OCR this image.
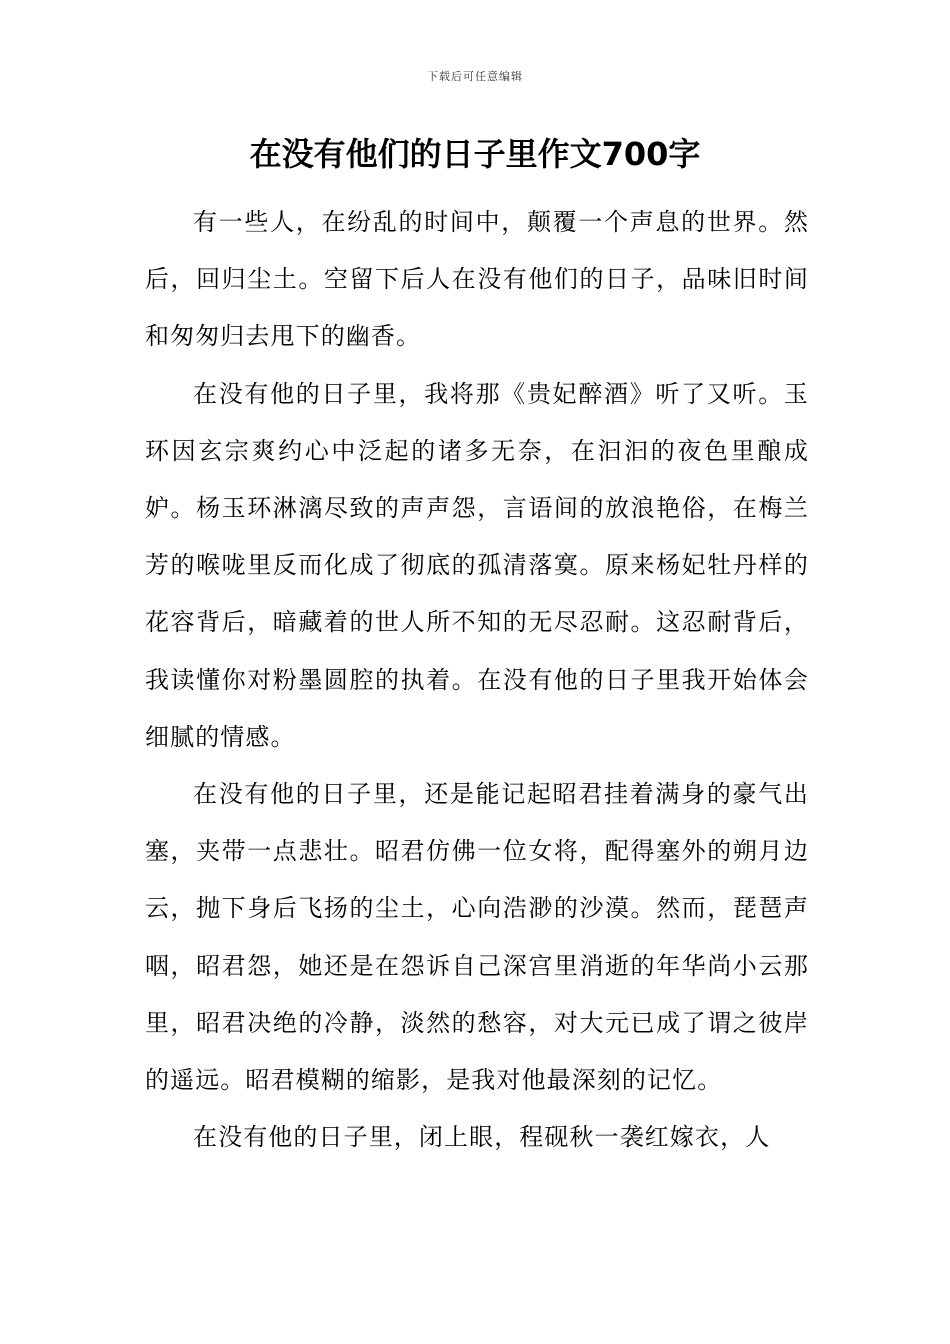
下载后可任意编辑
在没有他们的日子里作文700字

有一些人，在纷乱的时间中，颠覆一个声息的世界。然后，回归尘土。空留下后人在没有他们的日子，品味旧时间和匆匆归去甩下的幽香。

在没有他的日子里，我将那《贵妃醉酒》听了又听。玉环因玄宗爽约心中泛起的诸多无奈，在汩汩的夜色里酿成妒。杨玉环淋漓尽致的声声怨，言语间的放浪艳俗，在梅兰芳的喉咙里反而化成了彻底的孤清落寞。原来杨妃牡丹样的花容背后，暗藏着的世人所不知的无尽忍耐。这忍耐背后，我读懂你对粉墨圆腔的执着。在没有他的日子里我开始体会细腻的情感。

在没有他的日子里，还是能记起昭君挂着满身的豪气出塞，夹带一点悲壮。昭君仿佛一位女将，配得塞外的朔月边云，抛下身后飞扬的尘土，心向浩渺的沙漠。然而，琵琶声咽，昭君怨，她还是在怨诉自己深宫里消逝的年华尚小云那里，昭君决绝的冷静，淡然的愁容，对大元已成了谓之彼岸的遥远。昭君模糊的缩影，是我对他最深刻的记忆。

在没有他的日子里，闭上眼，程砚秋一袭红嫁衣，人
